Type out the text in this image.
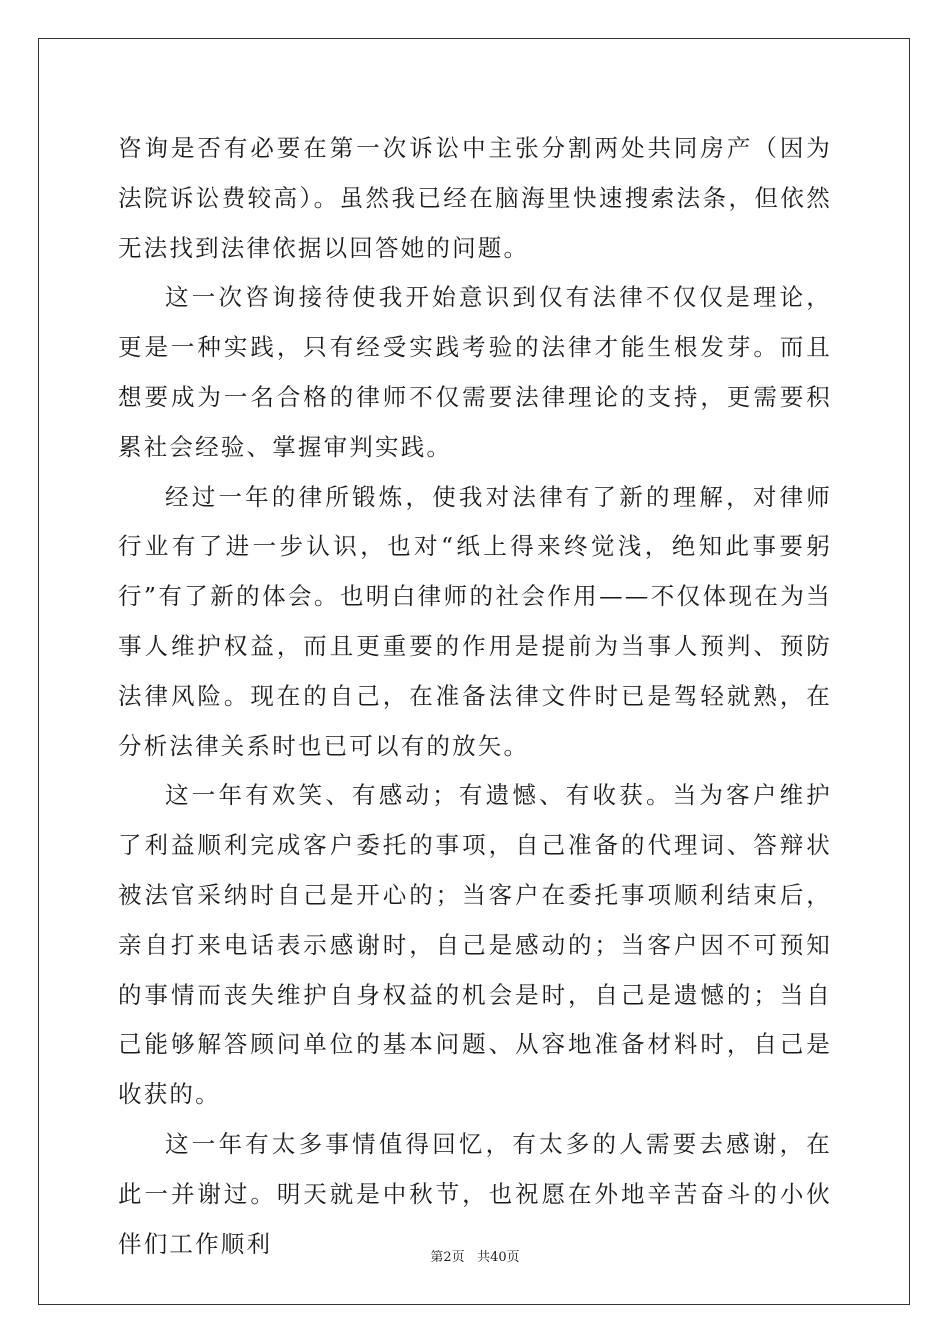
咨询是否有必要在第一次诉讼中主张分割两处共同房产（因为法院诉讼费较高）。虽然我已经在脑海里快速搜索法条，但依然无法找到法律依据以回答她的问题。

这一次咨询接待使我开始意识到仅有法律不仅仅是理论，更是一种实践，只有经受实践考验的法律才能生根发芽。而且想要成为一名合格的律师不仅需要法律理论的支持，更需要积累社会经验、掌握审判实践。

经过一年的律所锻炼，使我对法律有了新的理解，对律师行业有了进一步认识，也对“纸上得来终觉浅，绝知此事要躬行”有了新的体会。也明白律师的社会作用——不仅体现在为当事人维护权益，而且更重要的作用是提前为当事人预判、预防法律风险。现在的自己，在准备法律文件时已是驾轻就熟，在分析法律关系时也已可以有的放矢。

这一年有欢笑、有感动；有遗憾、有收获。当为客户维护了利益顺利完成客户委托的事项，自己准备的代理词、答辩状被法官采纳时自己是开心的；当客户在委托事项顺利结束后，亲自打来电话表示感谢时，自己是感动的；当客户因不可预知的事情而丧失维护自身权益的机会是时，自己是遗憾的；当自己能够解答顾问单位的基本问题、从容地准备材料时，自己是收获的。

这一年有太多事情值得回忆，有太多的人需要去感谢，在此一并谢过。明天就是中秋节，也祝愿在外地辛苦奋斗的小伙伴们工作顺利	第2页 共40页
